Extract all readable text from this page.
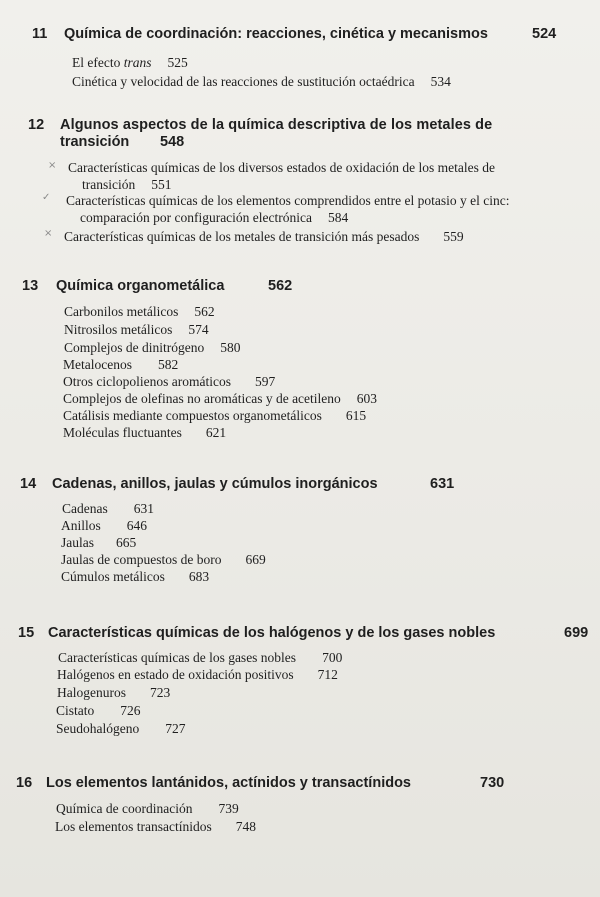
11 Química de coordinación: reacciones, cinética y mecanismos	524
El efecto trans 525
Cinética y velocidad de las reacciones de sustitución octaédrica 534
12 Algunos aspectos de la química descriptiva de los metales de
transición 548
× Características químicas de los diversos estados de oxidación de los metales de
transición 551
✓ Características químicas de los elementos comprendidos entre el potasio y el cinc:
comparación por configuración electrónica 584
× Características químicas de los metales de transición más pesados 559
13 Química organometálica	562
Carbonilos metálicos 562
Nitrosilos metálicos 574
Complejos de dinitrógeno 580
Metalocenos 582
Otros ciclopolienos aromáticos 597
Complejos de olefinas no aromáticas y de acetileno 603
Catálisis mediante compuestos organometálicos 615
Moléculas fluctuantes 621
14 Cadenas, anillos, jaulas y cúmulos inorgánicos	631
Cadenas 631
Anillos 646
Jaulas 665
Jaulas de compuestos de boro 669
Cúmulos metálicos 683
15 Características químicas de los halógenos y de los gases nobles	699
Características químicas de los gases nobles 700
Halógenos en estado de oxidación positivos 712
Halogenuros 723
Cistato 726
Seudohalógeno 727
16 Los elementos lantánidos, actínidos y transactínidos	730
Química de coordinación 739
Los elementos transactínidos 748
